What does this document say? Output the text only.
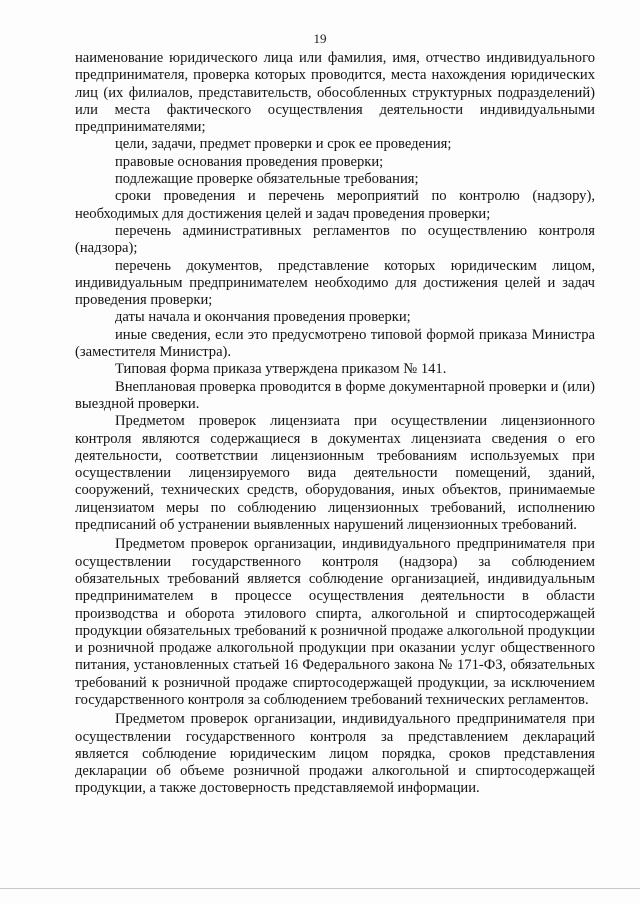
19

наименование юридического лица или фамилия, имя, отчество индивидуального предпринимателя, проверка которых проводится, места нахождения юридических лиц (их филиалов, представительств, обособленных структурных подразделений) или места фактического осуществления деятельности индивидуальными предпринимателями;

цели, задачи, предмет проверки и срок ее проведения;

правовые основания проведения проверки;

подлежащие проверке обязательные требования;

сроки проведения и перечень мероприятий по контролю (надзору), необходимых для достижения целей и задач проведения проверки;

перечень административных регламентов по осуществлению контроля (надзора);

перечень документов, представление которых юридическим лицом, индивидуальным предпринимателем необходимо для достижения целей и задач проведения проверки;

даты начала и окончания проведения проверки;

иные сведения, если это предусмотрено типовой формой приказа Министра (заместителя Министра).

Типовая форма приказа утверждена приказом № 141.

Внеплановая проверка проводится в форме документарной проверки и (или) выездной проверки.

Предметом проверок лицензиата при осуществлении лицензионного контроля являются содержащиеся в документах лицензиата сведения о его деятельности, соответствии лицензионным требованиям используемых при осуществлении лицензируемого вида деятельности помещений, зданий, сооружений, технических средств, оборудования, иных объектов, принимаемые лицензиатом меры по соблюдению лицензионных требований, исполнению предписаний об устранении выявленных нарушений лицензионных требований.

Предметом проверок организации, индивидуального предпринимателя при осуществлении государственного контроля (надзора) за соблюдением обязательных требований является соблюдение организацией, индивидуальным предпринимателем в процессе осуществления деятельности в области производства и оборота этилового спирта, алкогольной и спиртосодержащей продукции обязательных требований к розничной продаже алкогольной продукции и розничной продаже алкогольной продукции при оказании услуг общественного питания, установленных статьей 16 Федерального закона № 171-ФЗ, обязательных требований к розничной продаже спиртосодержащей продукции, за исключением государственного контроля за соблюдением требований технических регламентов.

Предметом проверок организации, индивидуального предпринимателя при осуществлении государственного контроля за представлением деклараций является соблюдение юридическим лицом порядка, сроков представления декларации об объеме розничной продажи алкогольной и спиртосодержащей продукции, а также достоверность представляемой информации.
